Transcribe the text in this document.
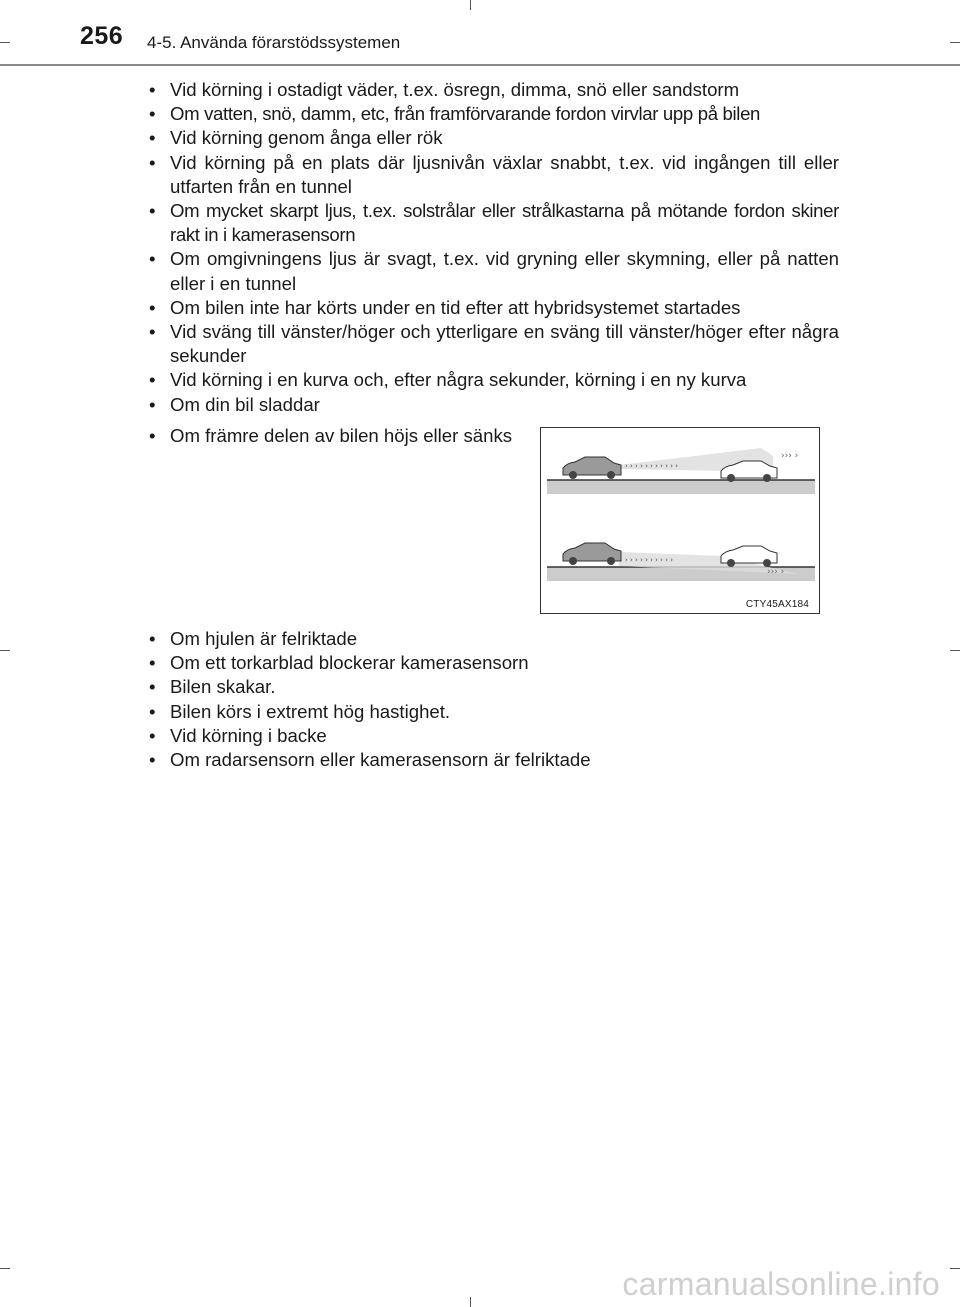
256 4-5. Använda förarstödssystemen
• Vid körning i ostadigt väder, t.ex. ösregn, dimma, snö eller sandstorm
• Om vatten, snö, damm, etc, från framförvarande fordon virvlar upp på bilen
• Vid körning genom ånga eller rök
• Vid körning på en plats där ljusnivån växlar snabbt, t.ex. vid ingången till eller utfarten från en tunnel
• Om mycket skarpt ljus, t.ex. solstrålar eller strålkastarna på mötande fordon skiner rakt in i kamerasensorn
• Om omgivningens ljus är svagt, t.ex. vid gryning eller skymning, eller på natten eller i en tunnel
• Om bilen inte har körts under en tid efter att hybridsystemet startades
• Vid sväng till vänster/höger och ytterligare en sväng till vänster/höger efter några sekunder
• Vid körning i en kurva och, efter några sekunder, körning i en ny kurva
• Om din bil sladdar
• Om främre delen av bilen höjs eller sänks
› › › › › › › › › › ›
››› ›
› › › › › › › › › ›
››› ›
CTY45AX184
• Om hjulen är felriktade
• Om ett torkarblad blockerar kamerasensorn
• Bilen skakar.
• Bilen körs i extremt hög hastighet.
• Vid körning i backe
• Om radarsensorn eller kamerasensorn är felriktade
carmanualsonline.info
